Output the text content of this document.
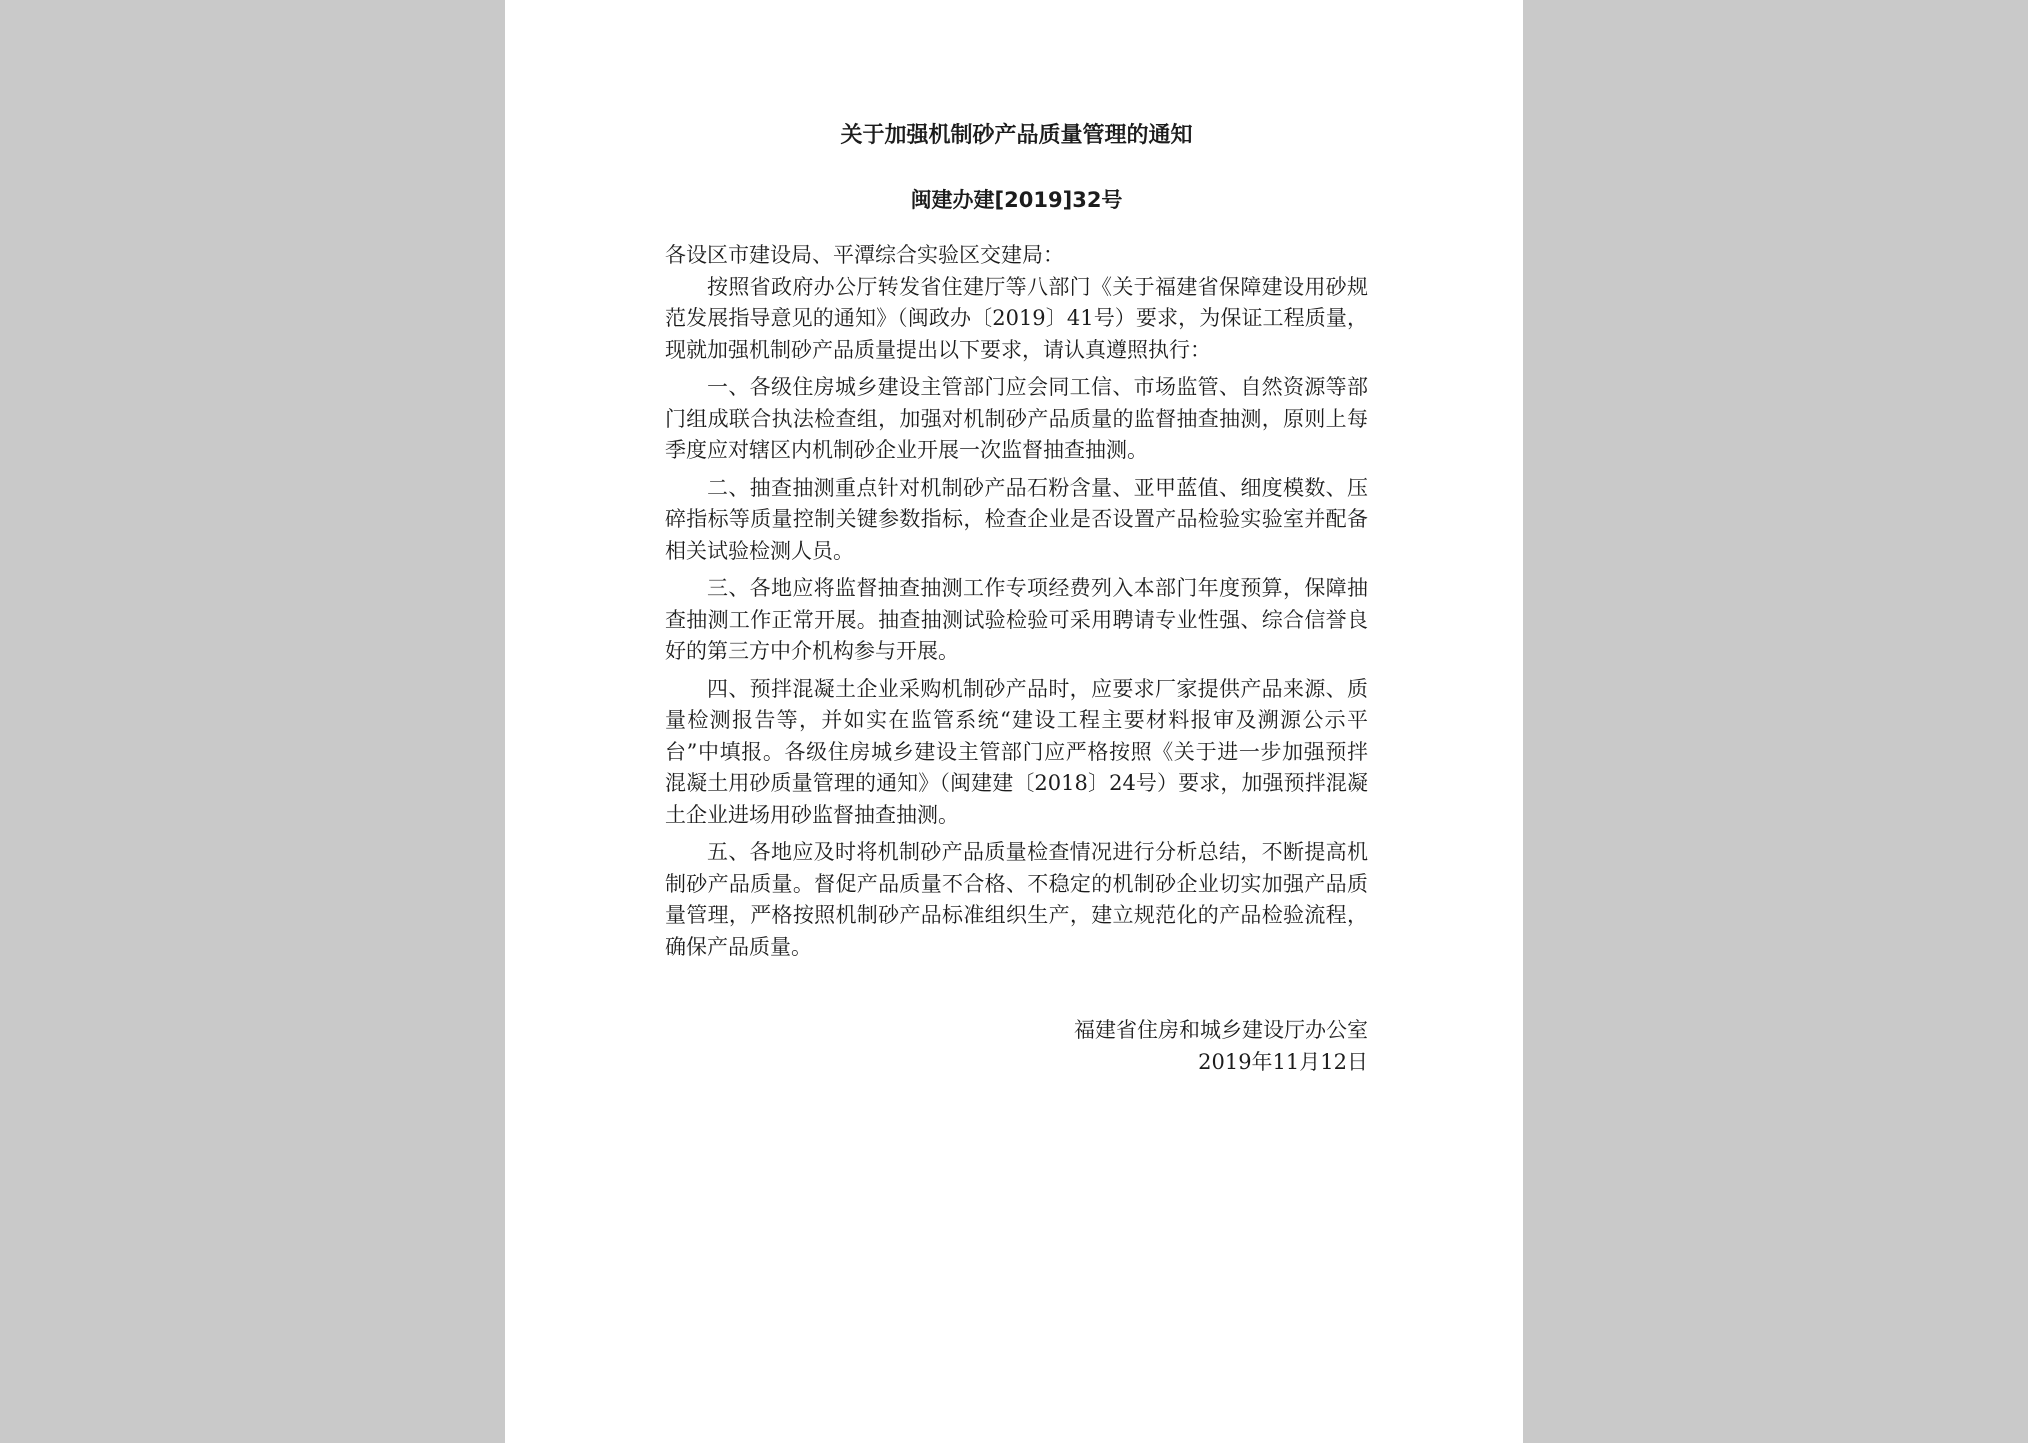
关于加强机制砂产品质量管理的通知
闽建办建[2019]32号
各设区市建设局、平潭综合实验区交建局：

按照省政府办公厅转发省住建厅等八部门《关于福建省保障建设用砂规范发展指导意见的通知》（闽政办〔2019〕41号）要求，为保证工程质量，现就加强机制砂产品质量提出以下要求，请认真遵照执行：

一、各级住房城乡建设主管部门应会同工信、市场监管、自然资源等部门组成联合执法检查组，加强对机制砂产品质量的监督抽查抽测，原则上每季度应对辖区内机制砂企业开展一次监督抽查抽测。

二、抽查抽测重点针对机制砂产品石粉含量、亚甲蓝值、细度模数、压碎指标等质量控制关键参数指标，检查企业是否设置产品检验实验室并配备相关试验检测人员。

三、各地应将监督抽查抽测工作专项经费列入本部门年度预算，保障抽查抽测工作正常开展。抽查抽测试验检验可采用聘请专业性强、综合信誉良好的第三方中介机构参与开展。

四、预拌混凝土企业采购机制砂产品时，应要求厂家提供产品来源、质量检测报告等，并如实在监管系统“建设工程主要材料报审及溯源公示平台”中填报。各级住房城乡建设主管部门应严格按照《关于进一步加强预拌混凝土用砂质量管理的通知》（闽建建〔2018〕24号）要求，加强预拌混凝土企业进场用砂监督抽查抽测。

五、各地应及时将机制砂产品质量检查情况进行分析总结，不断提高机制砂产品质量。督促产品质量不合格、不稳定的机制砂企业切实加强产品质量管理，严格按照机制砂产品标准组织生产，建立规范化的产品检验流程，确保产品质量。

福建省住房和城乡建设厅办公室
2019年11月12日
